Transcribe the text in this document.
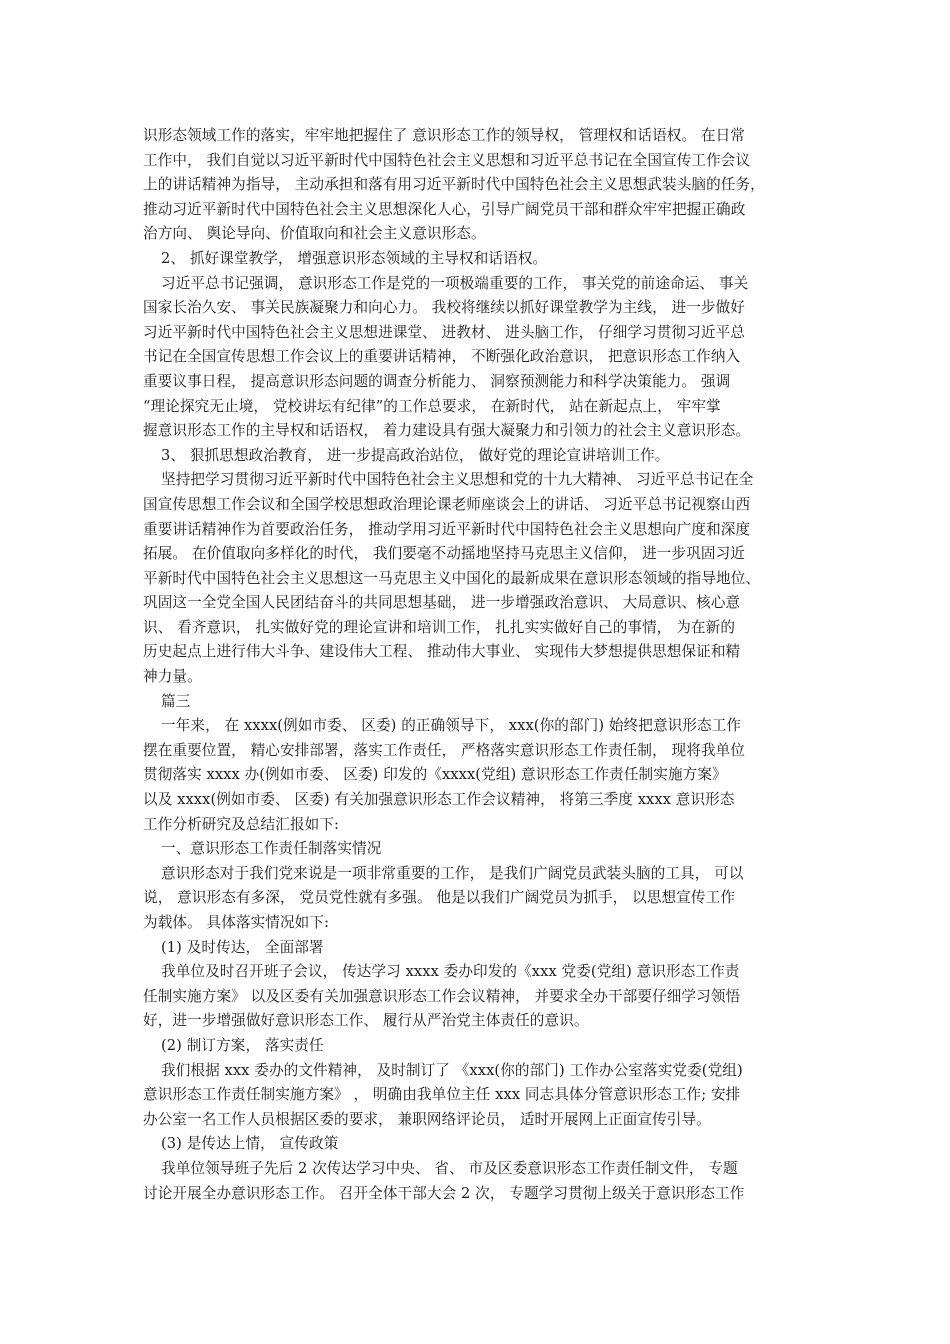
识形态领域工作的落实，牢牢地把握住了 意识形态工作的领导权， 管理权和话语权。 在日常
工作中， 我们自觉以习近平新时代中国特色社会主义思想和习近平总书记在全国宣传工作会议
上的讲话精神为指导， 主动承担和落有用习近平新时代中国特色社会主义思想武装头脑的任务，
推动习近平新时代中国特色社会主义思想深化人心，引导广阔党员干部和群众牢牢把握正确政
治方向、 舆论导向、价值取向和社会主义意识形态。
2、 抓好课堂教学， 增强意识形态领域的主导权和话语权。
习近平总书记强调， 意识形态工作是党的一项极端重要的工作， 事关党的前途命运、 事关
国家长治久安、 事关民族凝聚力和向心力。 我校将继续以抓好课堂教学为主线， 进一步做好
习近平新时代中国特色社会主义思想进课堂、 进教材、 进头脑工作， 仔细学习贯彻习近平总
书记在全国宣传思想工作会议上的重要讲话精神， 不断强化政治意识， 把意识形态工作纳入
重要议事日程， 提高意识形态问题的调查分析能力、 洞察预测能力和科学决策能力。 强调
“理论探究无止境， 党校讲坛有纪律”的工作总要求， 在新时代， 站在新起点上， 牢牢掌
握意识形态工作的主导权和话语权， 着力建设具有强大凝聚力和引领力的社会主义意识形态。
3、 狠抓思想政治教育， 进一步提高政治站位， 做好党的理论宣讲培训工作。
坚持把学习贯彻习近平新时代中国特色社会主义思想和党的十九大精神、 习近平总书记在全
国宣传思想工作会议和全国学校思想政治理论课老师座谈会上的讲话、 习近平总书记视察山西
重要讲话精神作为首要政治任务， 推动学用习近平新时代中国特色社会主义思想向广度和深度
拓展。 在价值取向多样化的时代， 我们要毫不动摇地坚持马克思主义信仰， 进一步巩固习近
平新时代中国特色社会主义思想这一马克思主义中国化的最新成果在意识形态领域的指导地位、
巩固这一全党全国人民团结奋斗的共同思想基础， 进一步增强政治意识、 大局意识、核心意
识、 看齐意识， 扎实做好党的理论宣讲和培训工作， 扎扎实实做好自己的事情， 为在新的
历史起点上进行伟大斗争、建设伟大工程、 推动伟大事业、 实现伟大梦想提供思想保证和精
神力量。
篇三
一年来， 在 xxxx(例如市委、 区委) 的正确领导下， xxx(你的部门) 始终把意识形态工作
摆在重要位置， 精心安排部署，落实工作责任， 严格落实意识形态工作责任制， 现将我单位
贯彻落实 xxxx 办(例如市委、 区委) 印发的《xxxx(党组) 意识形态工作责任制实施方案》
以及 xxxx(例如市委、 区委) 有关加强意识形态工作会议精神， 将第三季度 xxxx 意识形态
工作分析研究及总结汇报如下:
一、意识形态工作责任制落实情况
意识形态对于我们党来说是一项非常重要的工作， 是我们广阔党员武装头脑的工具， 可以
说， 意识形态有多深， 党员党性就有多强。 他是以我们广阔党员为抓手， 以思想宣传工作
为载体。 具体落实情况如下:
(1) 及时传达， 全面部署
我单位及时召开班子会议， 传达学习 xxxx 委办印发的《xxx 党委(党组) 意识形态工作责
任制实施方案》 以及区委有关加强意识形态工作会议精神， 并要求全办干部要仔细学习领悟
好，进一步增强做好意识形态工作、 履行从严治党主体责任的意识。
(2) 制订方案， 落实责任
我们根据 xxx 委办的文件精神， 及时制订了 《xxx(你的部门) 工作办公室落实党委(党组)
意识形态工作责任制实施方案》 ， 明确由我单位主任 xxx 同志具体分管意识形态工作; 安排
办公室一名工作人员根据区委的要求， 兼职网络评论员， 适时开展网上正面宣传引导。
(3) 是传达上情， 宣传政策
我单位领导班子先后 2 次传达学习中央、 省、 市及区委意识形态工作责任制文件， 专题
讨论开展全办意识形态工作。 召开全体干部大会 2 次， 专题学习贯彻上级关于意识形态工作
